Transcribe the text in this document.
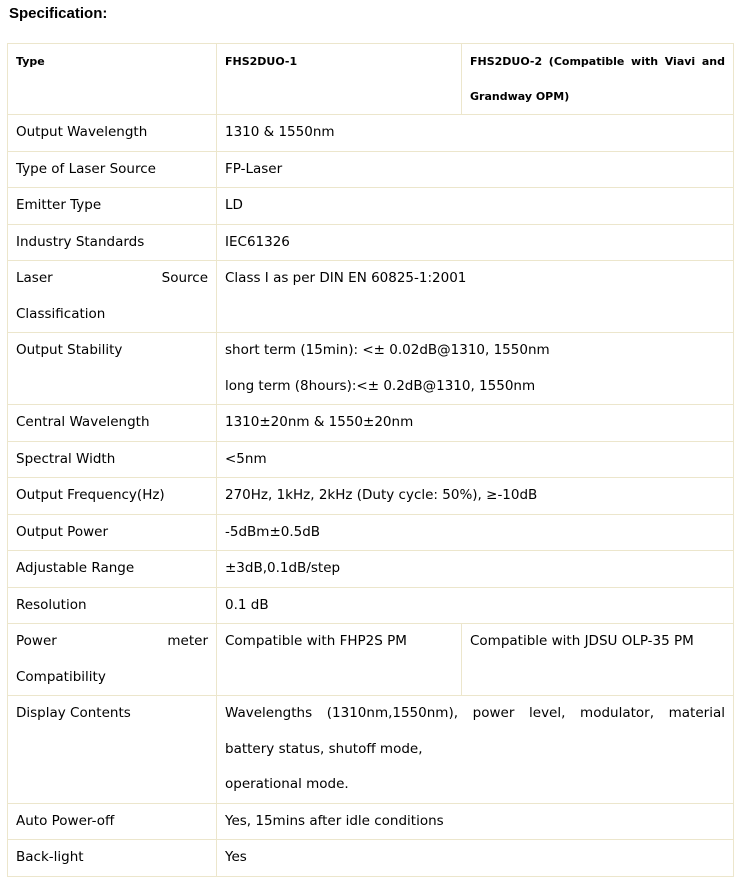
Specification:
Type	FHS2DUO-1	FHS2DUO-2 (Compatible with Viavi and
Grandway OPM)

Output Wavelength	1310 & 1550nm	
Type of Laser Source	FP-Laser	
Emitter Type	LD	
Industry Standards	IEC61326	

Laser Source
Classification	Class I as per DIN EN 60825-1:2001	
Output Stability	short term (15min): <± 0.02dB@1310, 1550nm
long term (8hours):<± 0.2dB@1310, 1550nm	

Central Wavelength	1310±20nm & 1550±20nm	
Spectral Width	<5nm	
Output Frequency(Hz)	270Hz, 1kHz, 2kHz (Duty cycle: 50%), ≥-10dB	
Output Power	-5dBm±0.5dB	
Adjustable Range	±3dB,0.1dB/step	
Resolution	0.1 dB	

Power meter
Compatibility	Compatible with FHP2S PM	Compatible with JDSU OLP-35 PM
Display Contents	Wavelengths (1310nm,1550nm), power level, modulator, material
battery status, shutoff mode,
operational mode.	

Auto Power-off	Yes, 15mins after idle conditions	
Back-light	Yes	
